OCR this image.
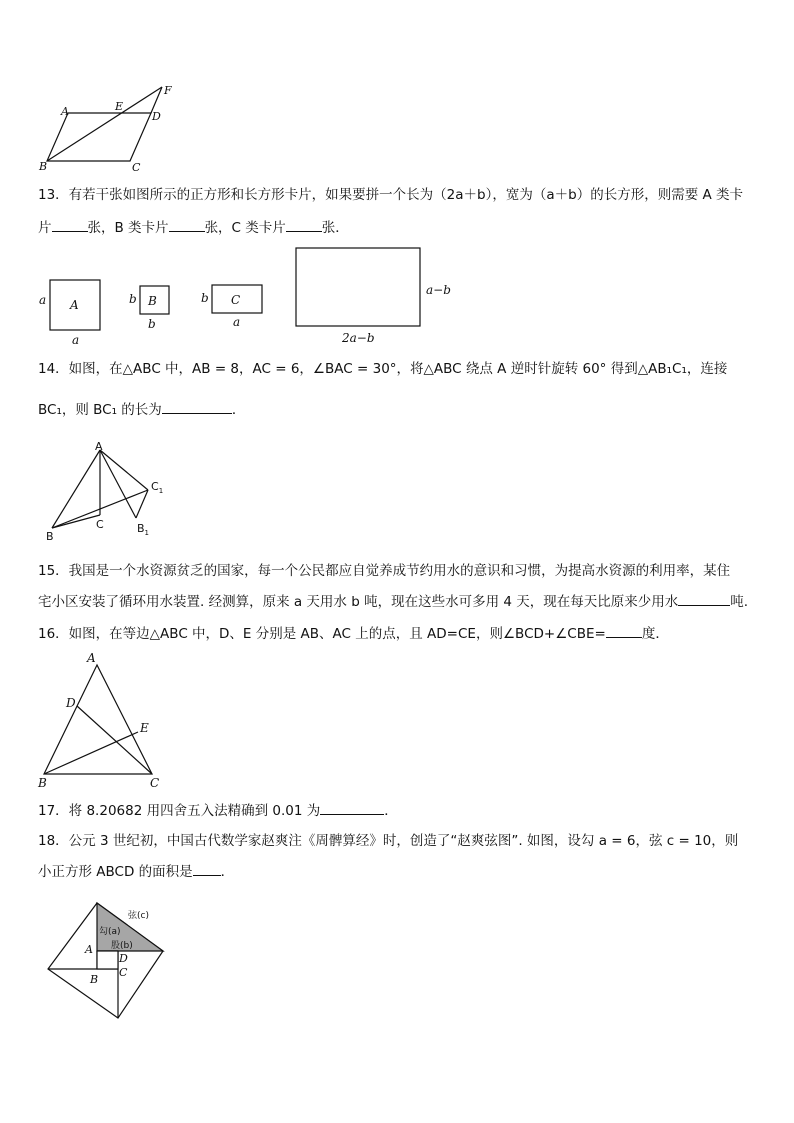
A	E
F
D
B	C
13．有若干张如图所示的正方形和长方形卡片，如果要拼一个长为（2a＋b），宽为（a＋b）的长方形，则需要 A 类卡
片	张，B 类卡片	张，C 类卡片	张．
A
a
a
B
b
b
C
b
a
a−b
2a−b
14．如图，在△ABC 中，AB = 8，AC = 6，∠BAC = 30°，将△ABC 绕点 A 逆时针旋转 60° 得到△AB₁C₁，连接
BC₁，则 BC₁ 的长为	．
A
B
C	$B_1$
$C_1$
15．我国是一个水资源贫乏的国家，每一个公民都应自觉养成节约用水的意识和习惯，为提高水资源的利用率，某住
宅小区安装了循环用水装置. 经测算，原来 a 天用水 b 吨，现在这些水可多用 4 天，现在每天比原来少用水	吨.
16．如图，在等边△ABC 中，D、E 分别是 AB、AC 上的点，且 AD=CE，则∠BCD+∠CBE=	度．
A
D
E
B	C
17．将 8.20682 用四舍五入法精确到 0.01 为	．
18．公元 3 世纪初，中国古代数学家赵爽注《周髀算经》时，创造了“赵爽弦图”. 如图，设勾 a = 6，弦 c = 10，则
小正方形 ABCD 的面积是 ．
弦(c)
勾(a)
股(b)
A
D
B
C
